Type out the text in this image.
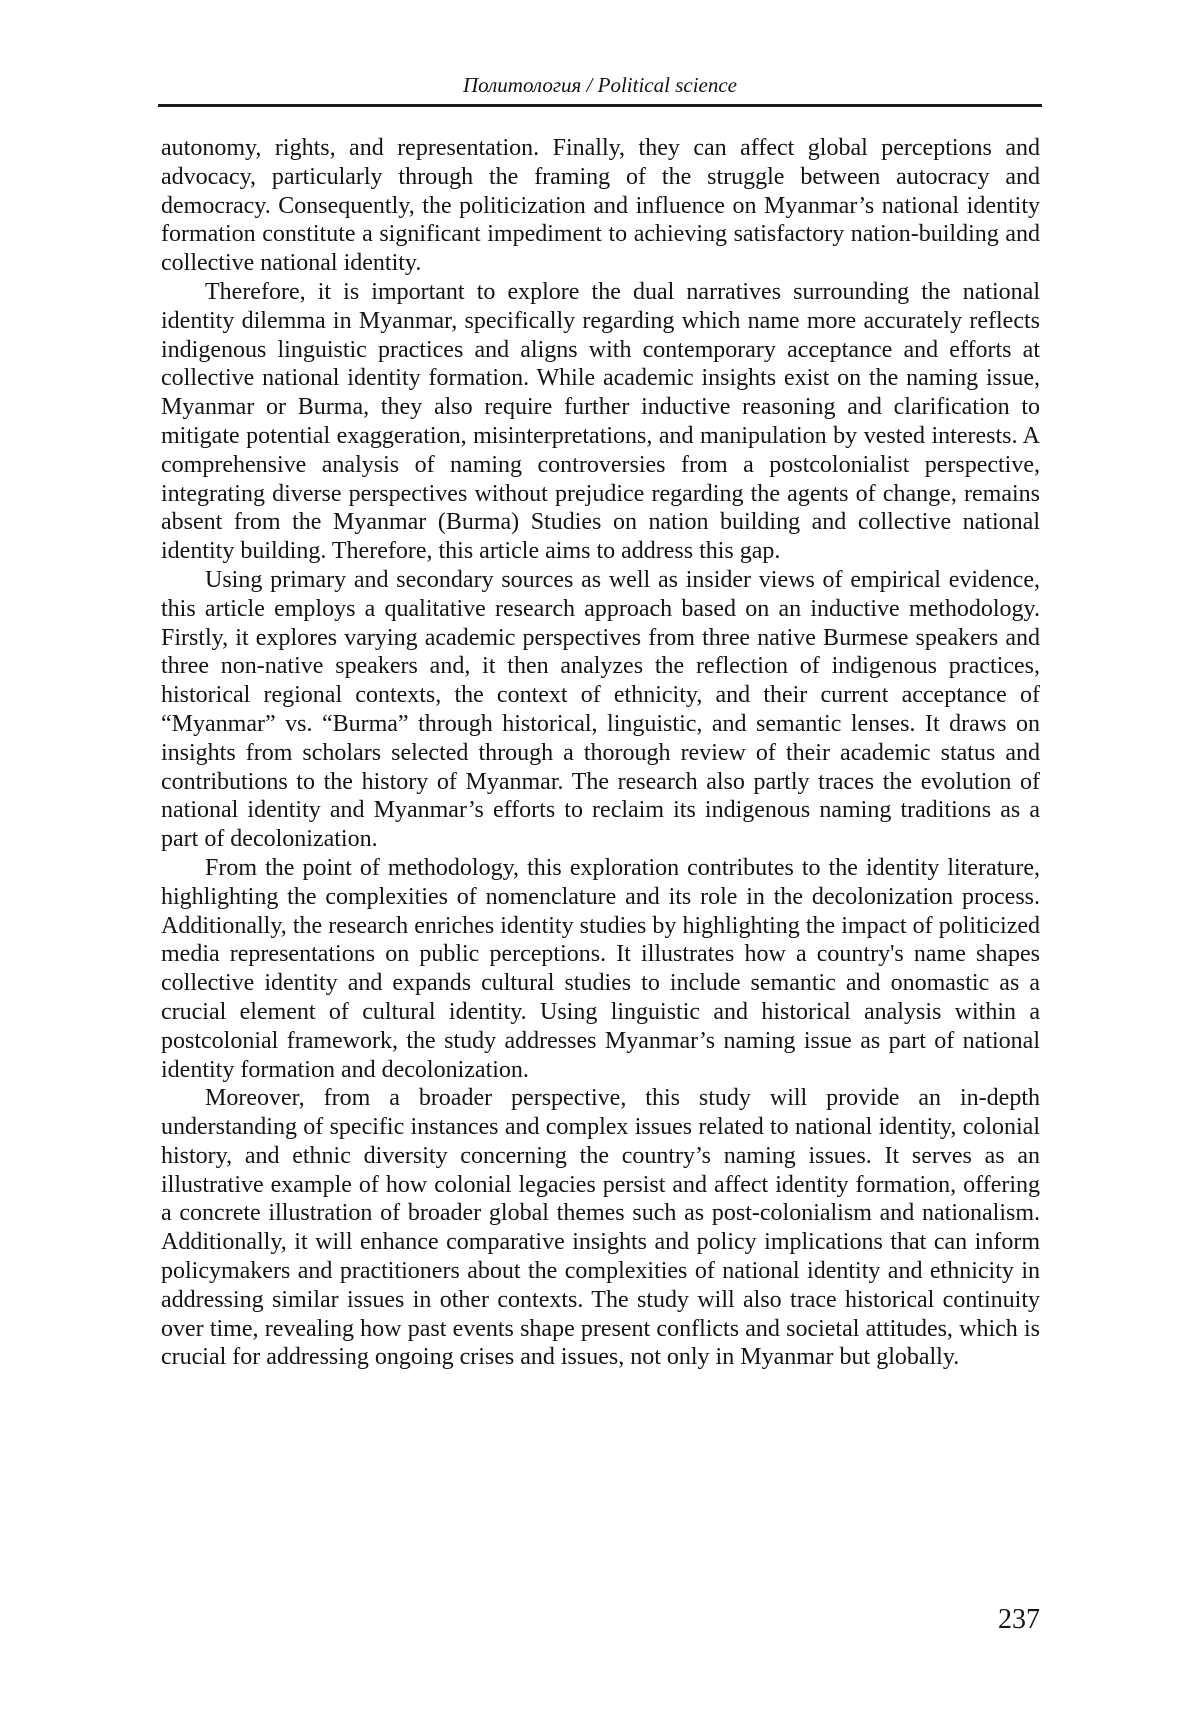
Политология / Political science

autonomy, rights, and representation. Finally, they can affect global perceptions and advocacy, particularly through the framing of the struggle between autocracy and democracy. Consequently, the politicization and influence on Myanmar’s national identity formation constitute a significant impediment to achieving satisfactory nation-building and collective national identity.

Therefore, it is important to explore the dual narratives surrounding the national identity dilemma in Myanmar, specifically regarding which name more accurately reflects indigenous linguistic practices and aligns with contemporary acceptance and efforts at collective national identity formation. While academic insights exist on the naming issue, Myanmar or Burma, they also require further inductive reasoning and clarification to mitigate potential exaggeration, misinterpretations, and manipulation by vested interests. A comprehensive analysis of naming controversies from a postcolonialist perspective, integrating diverse perspectives without prejudice regarding the agents of change, remains absent from the Myanmar (Burma) Studies on nation building and collective national identity building. Therefore, this article aims to address this gap.

Using primary and secondary sources as well as insider views of empirical evidence, this article employs a qualitative research approach based on an inductive methodology. Firstly, it explores varying academic perspectives from three native Burmese speakers and three non-native speakers and, it then analyzes the reflection of indigenous practices, historical regional contexts, the context of ethnicity, and their current acceptance of “Myanmar” vs. “Burma” through historical, linguistic, and semantic lenses. It draws on insights from scholars selected through a thorough review of their academic status and contributions to the history of Myanmar. The research also partly traces the evolution of national identity and Myanmar’s efforts to reclaim its indigenous naming traditions as a part of decolonization.

From the point of methodology, this exploration contributes to the identity literature, highlighting the complexities of nomenclature and its role in the decolonization process. Additionally, the research enriches identity studies by highlighting the impact of politicized media representations on public perceptions. It illustrates how a country's name shapes collective identity and expands cultural studies to include semantic and onomastic as a crucial element of cultural identity. Using linguistic and historical analysis within a postcolonial framework, the study addresses Myanmar’s naming issue as part of national identity formation and decolonization.

Moreover, from a broader perspective, this study will provide an in-depth understanding of specific instances and complex issues related to national identity, colonial history, and ethnic diversity concerning the country’s naming issues. It serves as an illustrative example of how colonial legacies persist and affect identity formation, offering a concrete illustration of broader global themes such as post-colonialism and nationalism. Additionally, it will enhance comparative insights and policy implications that can inform policymakers and practitioners about the complexities of national identity and ethnicity in addressing similar issues in other contexts. The study will also trace historical continuity over time, revealing how past events shape present conflicts and societal attitudes, which is crucial for addressing ongoing crises and issues, not only in Myanmar but globally.

237
